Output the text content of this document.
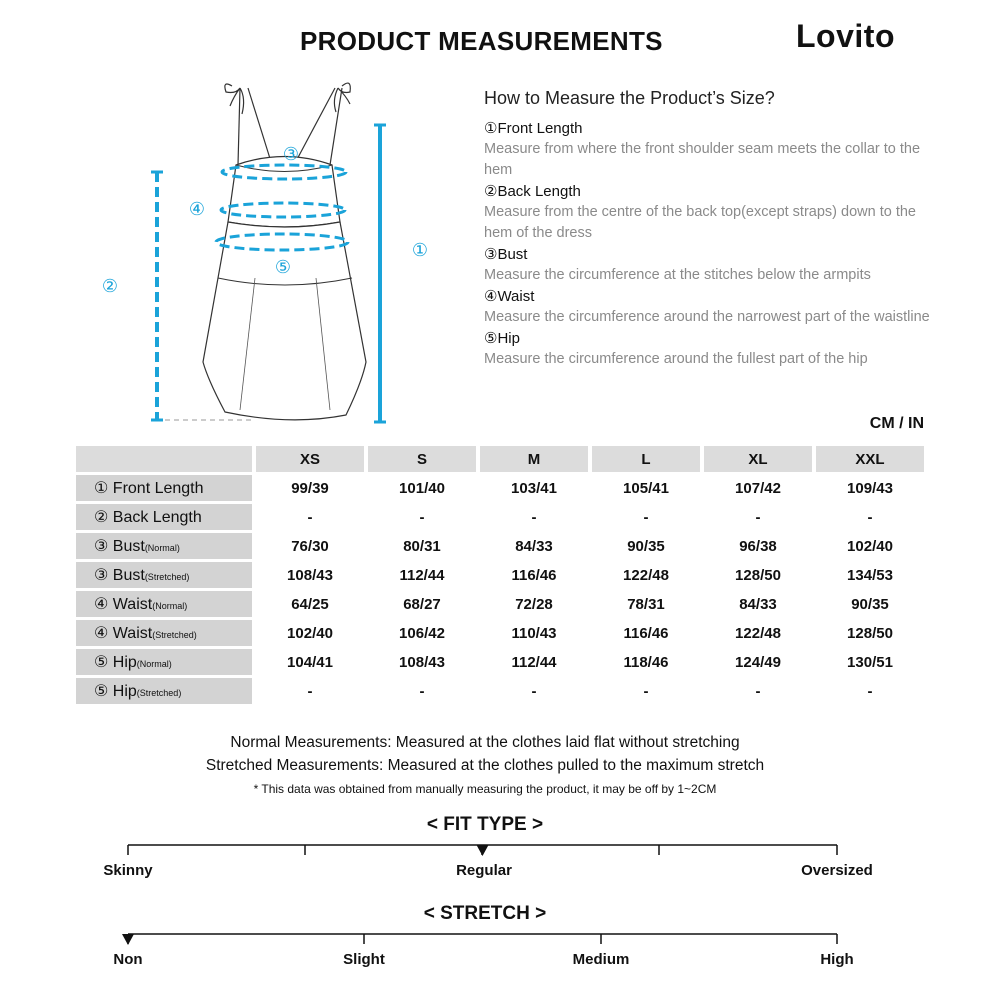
PRODUCT MEASUREMENTS	Lovito
①
②
③
④
⑤
How to Measure the Product’s Size?
①Front Length
Measure from where the front shoulder seam meets the collar to the hem
②Back Length
Measure from the centre of the back top(except straps) down to the hem of the dress
③Bust
Measure the circumference at the stitches below the armpits
④Waist
Measure the circumference around the narrowest part of the waistline
⑤Hip
Measure the circumference around the fullest part of the hip
CM / IN
	XS	S	M	L	XL	XXL
① Front Length	99/39	101/40	103/41	105/41	107/42	109/43
② Back Length	-	-	-	-	-	-
③ Bust(Normal)	76/30	80/31	84/33	90/35	96/38	102/40
③ Bust(Stretched)	108/43	112/44	116/46	122/48	128/50	134/53
④ Waist(Normal)	64/25	68/27	72/28	78/31	84/33	90/35
④ Waist(Stretched)	102/40	106/42	110/43	116/46	122/48	128/50
⑤ Hip(Normal)	104/41	108/43	112/44	118/46	124/49	130/51
⑤ Hip(Stretched)	-	-	-	-	-	-
Normal Measurements: Measured at the clothes laid flat without stretching
Stretched Measurements: Measured at the clothes pulled to the maximum stretch
* This data was obtained from manually measuring the product, it may be off by 1~2CM
< FIT TYPE >
Skinny	Regular	Oversized
< STRETCH >
Non	Slight	Medium	High
